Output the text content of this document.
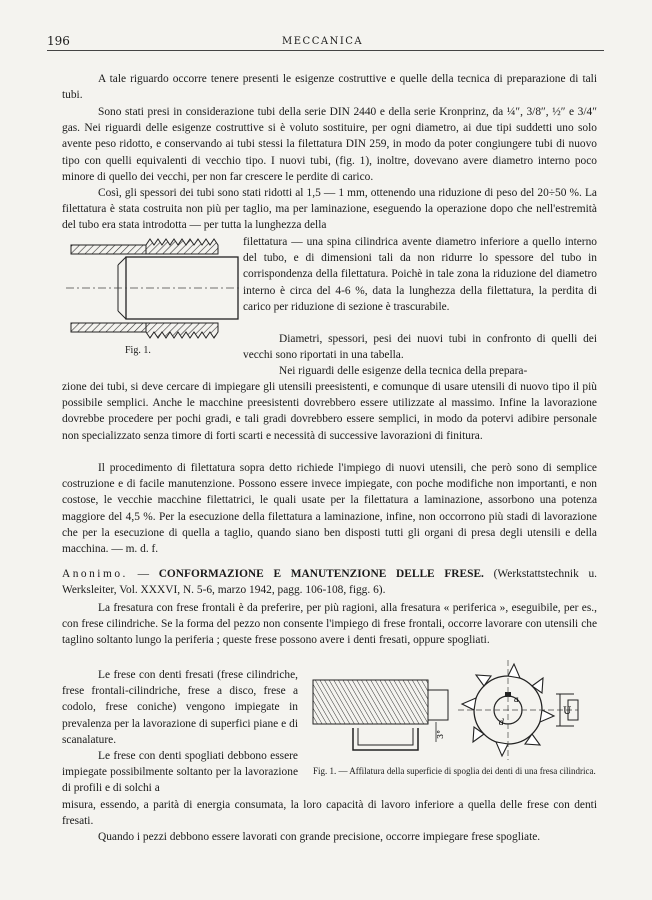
196	MECCANICA

A tale riguardo occorre tenere presenti le esigenze costruttive e quelle della tecnica di preparazione di tali tubi.

Sono stati presi in considerazione tubi della serie DIN 2440 e della serie Kronprinz, da ¼″, 3/8″, ½″ e 3/4″ gas. Nei riguardi delle esigenze costruttive si è voluto sostituire, per ogni diametro, ai due tipi suddetti uno solo avente peso ridotto, e conservando ai tubi stessi la filettatura DIN 259, in modo da poter congiungere tubi di nuovo tipo con quelli equivalenti di vecchio tipo. I nuovi tubi, (fig. 1), inoltre, dovevano avere diametro interno poco minore di quello dei vecchi, per non far crescere le perdite di carico.

Così, gli spessori dei tubi sono stati ridotti al 1,5 — 1 mm, ottenendo una riduzione di peso del 20÷50 %. La filettatura è stata costruita non più per taglio, ma per laminazione, eseguendo la operazione dopo che nell'estremità del tubo era stata introdotta — per tutta la lunghezza della

Fig. 1.

filettatura — una spina cilindrica avente diametro inferiore a quello interno del tubo, e di dimensioni tali da non ridurre lo spessore del tubo in corrispondenza della filettatura. Poichè in tale zona la riduzione del diametro interno è circa del 4-6 %, data la lunghezza della filettatura, la perdita di carico per riduzione di sezione è trascurabile.

Diametri, spessori, pesi dei nuovi tubi in confronto di quelli dei vecchi sono riportati in una tabella.

Nei riguardi delle esigenze della tecnica della prepara-

zione dei tubi, si deve cercare di impiegare gli utensili preesistenti, e comunque di usare utensili di nuovo tipo il più possibile semplici. Anche le macchine preesistenti dovrebbero essere utilizzate al massimo. Infine la lavorazione dovrebbe procedere per pochi gradi, e tali gradi dovrebbero essere semplici, in modo da potervi adibire personale non specializzato senza timore di forti scarti e necessità di successive lavorazioni di finitura.

Il procedimento di filettatura sopra detto richiede l'impiego di nuovi utensili, che però sono di semplice costruzione e di facile manutenzione. Possono essere invece impiegate, con poche modifiche non importanti, e non costose, le vecchie macchine filettatrici, le quali usate per la filettatura a laminazione, assorbono una potenza maggiore del 4,5 %. Per la esecuzione della filettatura a laminazione, infine, non occorrono più stadi di lavorazione che per la esecuzione di quella a taglio, quando siano ben disposti tutti gli organi di presa degli utensili e della macchina. — m. d. f.

Anonimo. — CONFORMAZIONE E MANUTENZIONE DELLE FRESE. (Werkstattstechnik u. Werksleiter, Vol. XXXVI, N. 5-6, marzo 1942, pagg. 106-108, figg. 6).

La fresatura con frese frontali è da preferire, per più ragioni, alla fresatura « periferica », eseguibile, per es., con frese cilindriche. Se la forma del pezzo non consente l'impiego di frese frontali, occorre lavorare con utensili che taglino soltanto lungo la periferia ; queste frese possono avere i denti fresati, oppure spogliati.

Le frese con denti fresati (frese cilindriche, frese frontali-cilindriche, frese a disco, frese a codolo, frese coniche) vengono impiegate in prevalenza per la lavorazione di superfici piane e di scanalature.

Le frese con denti spogliati debbono essere impiegate possibilmente soltanto per la lavorazione di profili e di solchi a

misura, essendo, a parità di energia consumata, la loro capacità di lavoro inferiore a quella delle frese con denti fresati.

Quando i pezzi debbono essere lavorati con grande precisione, occorre impiegare frese spogliate.

3°
d
a
U
Fig. 1. — Affilatura della superficie di spoglia dei denti di una fresa cilindrica.
